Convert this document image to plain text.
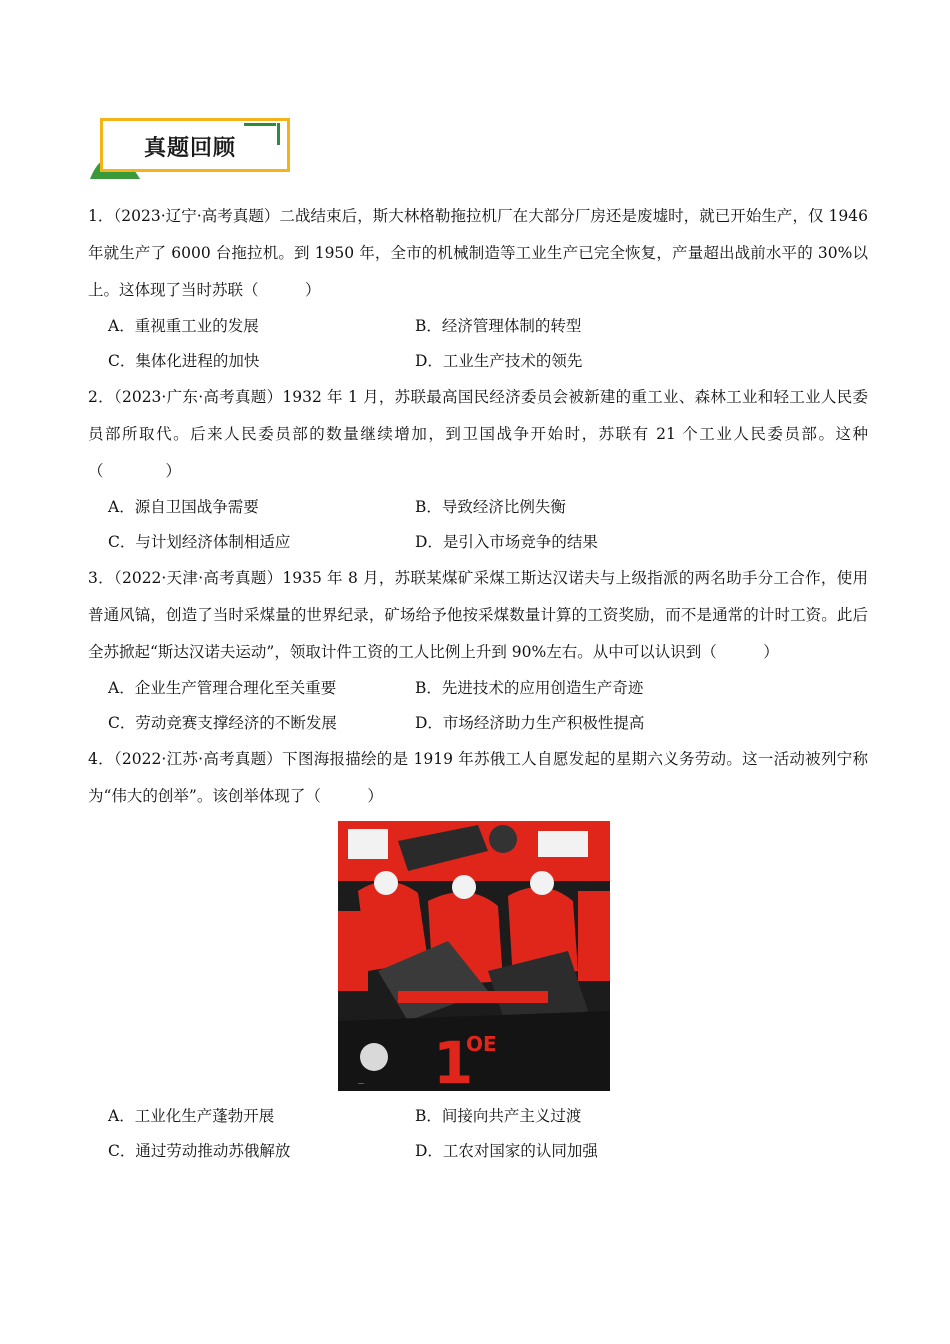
真题回顾

1．（2023·辽宁·高考真题）二战结束后，斯大林格勒拖拉机厂在大部分厂房还是废墟时，就已开始生产，仅 1946 年就生产了 6000 台拖拉机。到 1950 年，全市的机械制造等工业生产已完全恢复，产量超出战前水平的 30%以上。这体现了当时苏联（　　　）

A．重视重工业的发展	B．经济管理体制的转型
C．集体化进程的加快	D．工业生产技术的领先

2．（2023·广东·高考真题）1932 年 1 月，苏联最高国民经济委员会被新建的重工业、森林工业和轻工业人民委员部所取代。后来人民委员部的数量继续增加，到卫国战争开始时，苏联有 21 个工业人民委员部。这种（　　　　）

A．源自卫国战争需要	B．导致经济比例失衡
C．与计划经济体制相适应	D．是引入市场竞争的结果

3．（2022·天津·高考真题）1935 年 8 月，苏联某煤矿采煤工斯达汉诺夫与上级指派的两名助手分工合作，使用普通风镐，创造了当时采煤量的世界纪录，矿场给予他按采煤数量计算的工资奖励，而不是通常的计时工资。此后全苏掀起“斯达汉诺夫运动”，领取计件工资的工人比例上升到 90%左右。从中可以认识到（　　　）

A．企业生产管理合理化至关重要	B．先进技术的应用创造生产奇迹
C．劳动竞赛支撑经济的不断发展	D．市场经济助力生产积极性提高

4．（2022·江苏·高考真题）下图海报描绘的是 1919 年苏俄工人自愿发起的星期六义务劳动。这一活动被列宁称为“伟大的创举”。该创举体现了（　　　）

— 1
OE
A．工业化生产蓬勃开展	B．间接向共产主义过渡
C．通过劳动推动苏俄解放	D．工农对国家的认同加强
